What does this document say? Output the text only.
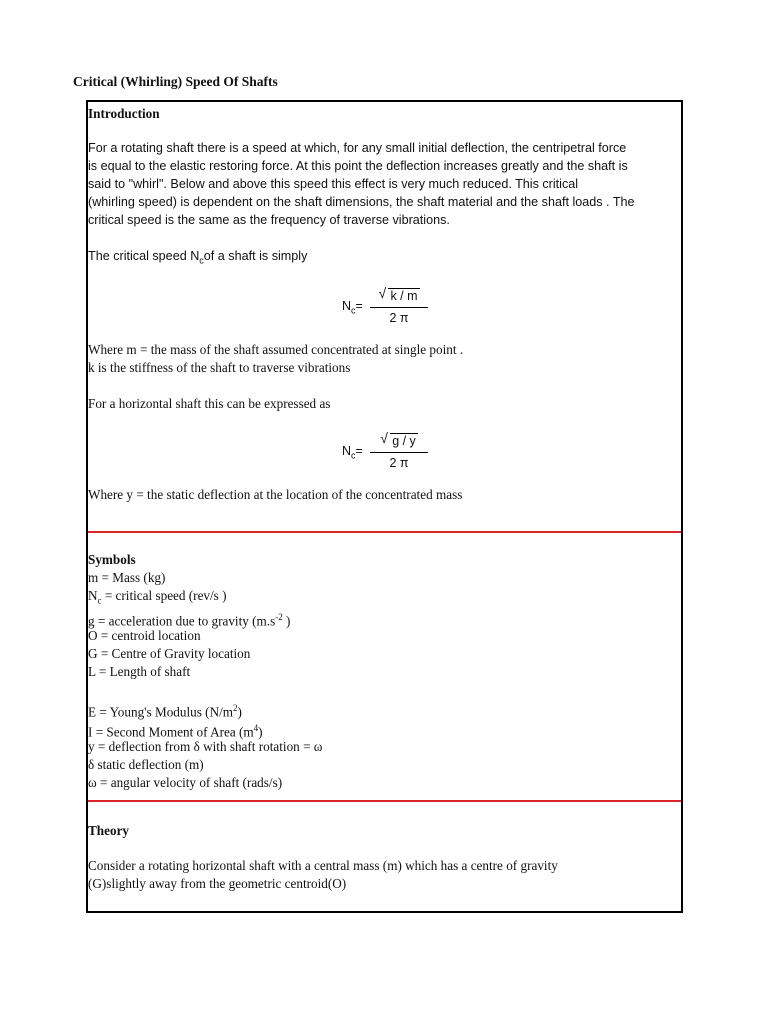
Critical (Whirling) Speed Of Shafts
Introduction
For a rotating shaft there is a speed at which, for any small initial deflection, the centripetral force
is equal to the elastic restoring force. At this point the deflection increases greatly and the shaft is
said to "whirl". Below and above this speed this effect is very much reduced. This critical
(whirling speed) is dependent on the shaft dimensions, the shaft material and the shaft loads . The
critical speed is the same as the frequency of traverse vibrations.
The critical speed $N_cof$ a shaft is simply
$N_c=$
√ k / m
2 π
Where m = the mass of the shaft assumed concentrated at single point .
k is the stiffness of the shaft to traverse vibrations
For a horizontal shaft this can be expressed as
$N_c=$
√ g / y
2 π
Where y = the static deflection at the location of the concentrated mass
Symbols
m = Mass (kg)
$N_c$ = critical speed (rev/s )
g = acceleration due to gravity ($m.s^{-2}$ )
O = centroid location
G = Centre of Gravity location
L = Length of shaft
E = Young's Modulus $(N/m^2)$
I = Second Moment of Area $(m^4)$
y = deflection from δ with shaft rotation = ω
δ static deflection (m)
ω = angular velocity of shaft (rads/s)
Theory
Consider a rotating horizontal shaft with a central mass (m) which has a centre of gravity
(G)slightly away from the geometric centroid(O)
